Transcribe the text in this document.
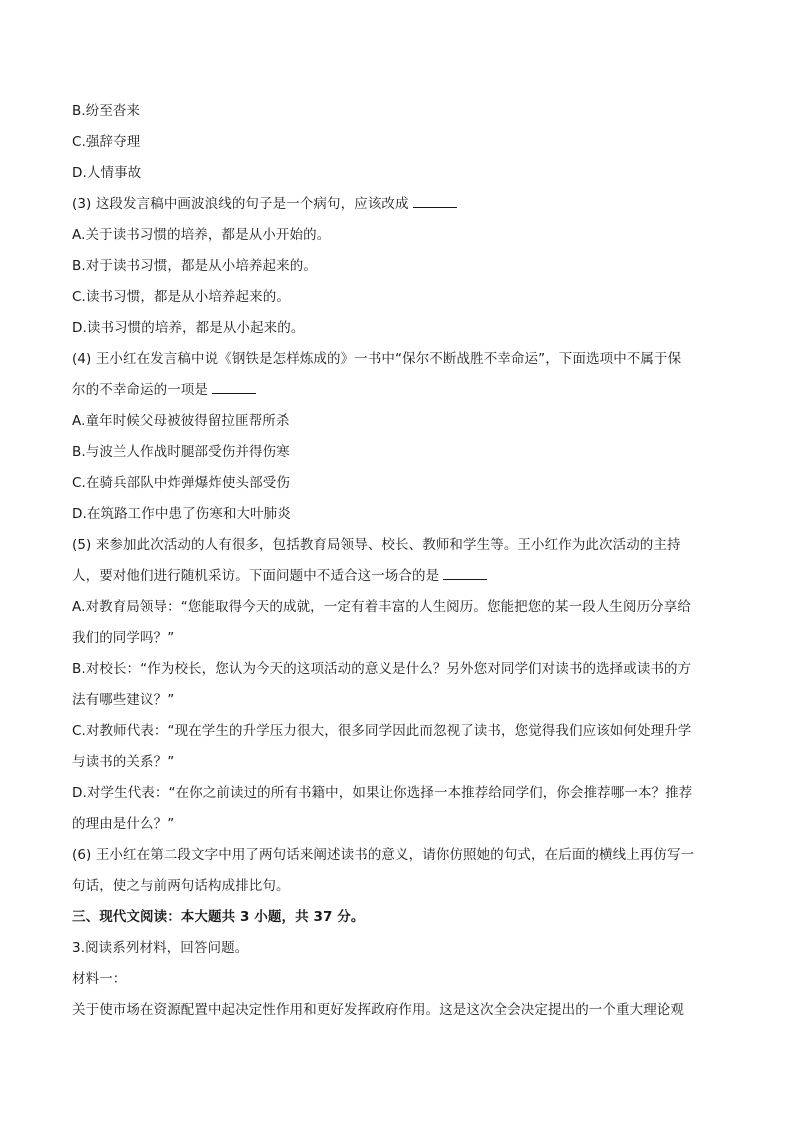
B.纷至沓来
C.强辞夺理
D.人情事故
(3) 这段发言稿中画波浪线的句子是一个病句，应该改成
A.关于读书习惯的培养，都是从小开始的。
B.对于读书习惯，都是从小培养起来的。
C.读书习惯，都是从小培养起来的。
D.读书习惯的培养，都是从小起来的。
(4) 王小红在发言稿中说《钢铁是怎样炼成的》一书中“保尔不断战胜不幸命运”，下面选项中不属于保
尔的不幸命运的一项是
A.童年时候父母被彼得留拉匪帮所杀
B.与波兰人作战时腿部受伤并得伤寒
C.在骑兵部队中炸弹爆炸使头部受伤
D.在筑路工作中患了伤寒和大叶肺炎
(5) 来参加此次活动的人有很多，包括教育局领导、校长、教师和学生等。王小红作为此次活动的主持
人，要对他们进行随机采访。下面问题中不适合这一场合的是
A.对教育局领导：“您能取得今天的成就，一定有着丰富的人生阅历。您能把您的某一段人生阅历分享给
我们的同学吗？”
B.对校长：“作为校长，您认为今天的这项活动的意义是什么？另外您对同学们对读书的选择或读书的方
法有哪些建议？”
C.对教师代表：“现在学生的升学压力很大，很多同学因此而忽视了读书，您觉得我们应该如何处理升学
与读书的关系？”
D.对学生代表：“在你之前读过的所有书籍中，如果让你选择一本推荐给同学们，你会推荐哪一本？推荐
的理由是什么？”
(6) 王小红在第二段文字中用了两句话来阐述读书的意义，请你仿照她的句式，在后面的横线上再仿写一
句话，使之与前两句话构成排比句。
三、现代文阅读：本大题共 3 小题，共 37 分。
3.阅读系列材料，回答问题。
材料一：
关于使市场在资源配置中起决定性作用和更好发挥政府作用。这是这次全会决定提出的一个重大理论观
